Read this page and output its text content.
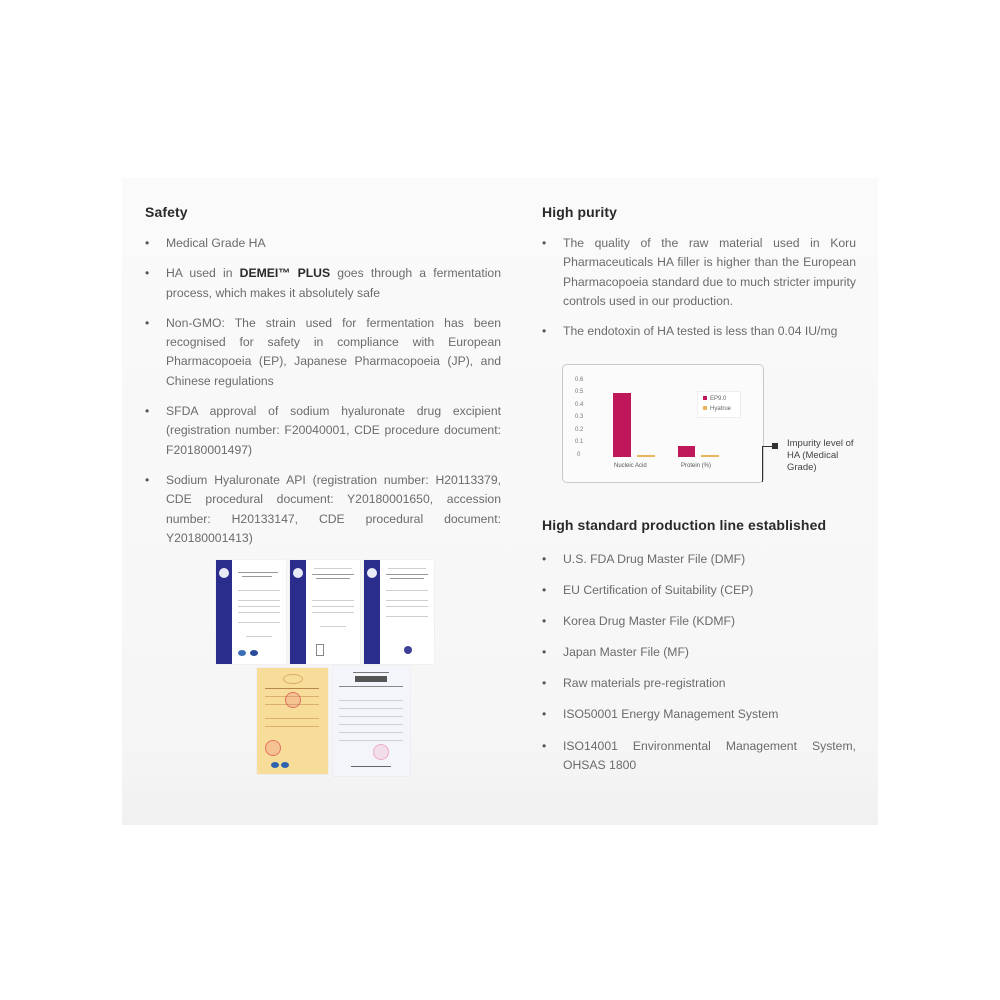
Safety
• Medical Grade HA
• HA used in DEMEI™ PLUS goes through a fermentation process, which makes it absolutely safe
• Non-GMO: The strain used for fermentation has been recognised for safety in compliance with European Pharmacopoeia (EP), Japanese Pharmacopoeia (JP), and Chinese regulations
• SFDA approval of sodium hyaluronate drug excipient (registration number: F20040001, CDE procedure document: F20180001497)
• Sodium Hyaluronate API (registration number: H20113379, CDE procedural document: Y20180001650, accession number: H20133147, CDE procedural document: Y20180001413)
High purity
• The quality of the raw material used in Koru Pharmaceuticals HA filler is higher than the European Pharmacopoeia standard due to much stricter impurity controls used in our production.
• The endotoxin of HA tested is less than 0.04 IU/mg
0.6
0.5
0.4
0.3
0.2
0.1
0
Nucleic Acid	Protein (%)
EP9.0
Hyatrue
Impurity level of HA (Medical Grade)
High standard production line established
• U.S. FDA Drug Master File (DMF)
• EU Certification of Suitability (CEP)
• Korea Drug Master File (KDMF)
• Japan Master File (MF)
• Raw materials pre-registration
• ISO50001 Energy Management System
• ISO14001 Environmental Management System, OHSAS 1800
